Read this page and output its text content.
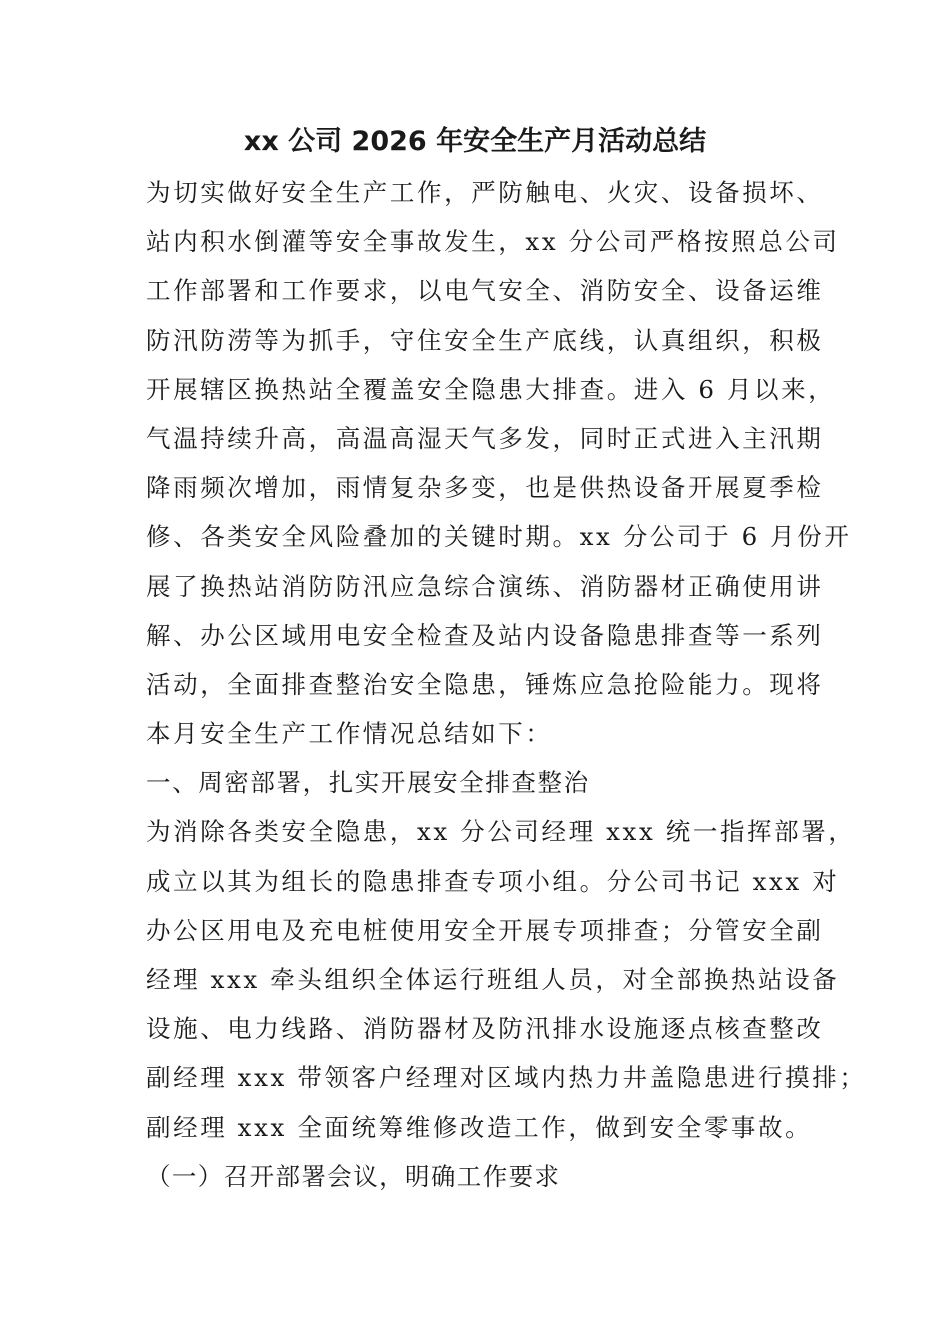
xx 公司 2026 年安全生产月活动总结
为切实做好安全生产工作，严防触电、火灾、设备损坏、
站内积水倒灌等安全事故发生，xx 分公司严格按照总公司
工作部署和工作要求，以电气安全、消防安全、设备运维
防汛防涝等为抓手，守住安全生产底线，认真组织，积极
开展辖区换热站全覆盖安全隐患大排查。进入 6 月以来，
气温持续升高，高温高湿天气多发，同时正式进入主汛期
降雨频次增加，雨情复杂多变，也是供热设备开展夏季检
修、各类安全风险叠加的关键时期。xx 分公司于 6 月份开
展了换热站消防防汛应急综合演练、消防器材正确使用讲
解、办公区域用电安全检查及站内设备隐患排查等一系列
活动，全面排查整治安全隐患，锤炼应急抢险能力。现将
本月安全生产工作情况总结如下：
一、周密部署，扎实开展安全排查整治
为消除各类安全隐患，xx 分公司经理 xxx 统一指挥部署，
成立以其为组长的隐患排查专项小组。分公司书记 xxx 对
办公区用电及充电桩使用安全开展专项排查；分管安全副
经理 xxx 牵头组织全体运行班组人员，对全部换热站设备
设施、电力线路、消防器材及防汛排水设施逐点核查整改
副经理 xxx 带领客户经理对区域内热力井盖隐患进行摸排；
副经理 xxx 全面统筹维修改造工作，做到安全零事故。
（一）召开部署会议，明确工作要求
